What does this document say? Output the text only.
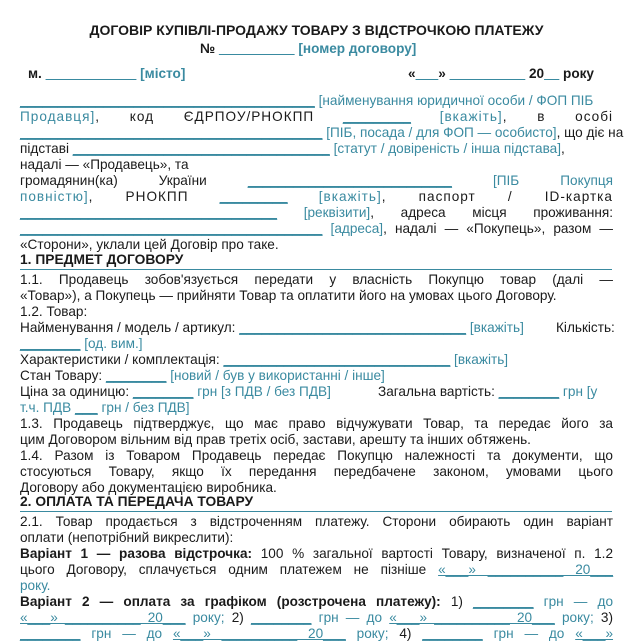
ДОГОВІР КУПІВЛІ-ПРОДАЖУ ТОВАРУ З ВІДСТРОЧКОЮ ПЛАТЕЖУ
№ __________ [номер договору]
м. ____________ [місто]	«___» __________ 20__ року
_______________________________________ [найменування юридичної особи / ФОП ПІБ
Продавця], код ЄДРПОУ/РНОКПП _________ [вкажіть], в особі
________________________________________ [ПІБ, посада / для ФОП — особисто], що діє на
підставі __________________________________ [статут / довіреність / інша підстава],
надалі — «Продавець», та
громадянин(ка) України	___________________________	[ПІБ Покупця
повністю], РНОКПП _________ [вкажіть], паспорт / ID-картка
__________________________________ [реквізити], адреса місця проживання:
________________________________________ [адреса], надалі — «Покупець», разом —
«Сторони», уклали цей Договір про таке.
1. ПРЕДМЕТ ДОГОВОРУ
1.1. Продавець зобов'язується передати у власність Покупцю товар (далі —
«Товар»), а Покупець — прийняти Товар та оплатити його на умовах цього Договору.
1.2. Товар:
Найменування / модель / артикул: ______________________________ [вкажіть]	Кількість:
________ [од. вим.]
Характеристики / комплектація: ______________________________ [вкажіть]
Стан Товару: ________ [новий / був у використанні / інше]
Ціна за одиницю: ________ грн [з ПДВ / без ПДВ]	Загальна вартість: ________ грн [у
т.ч. ПДВ ___ грн / без ПДВ]
1.3. Продавець підтверджує, що має право відчужувати Товар, та передає його за
цим Договором вільним від прав третіх осіб, застави, арешту та інших обтяжень.
1.4. Разом із Товаром Продавець передає Покупцю належності та документи, що
стосуються Товару, якщо їх передання передбачене законом, умовами цього
Договору або документацією виробника.
2. ОПЛАТА ТА ПЕРЕДАЧА ТОВАРУ
2.1. Товар продається з відстроченням платежу. Сторони обирають один варіант
оплати (непотрібний викреслити):
Варіант 1 — разова відстрочка: 100 % загальної вартості Товару, визначеної п. 1.2
цього Договору, сплачується одним платежем не пізніше «___» __________ 20___
року.
Варіант 2 — оплата за графіком (розстрочена платежу): 1) ________ грн — до
«___» __________ 20___ року; 2) ________ грн — до «___» __________ 20___ року; 3)
________ грн — до «___» __________ 20___ року; 4) ________ грн — до «___»
